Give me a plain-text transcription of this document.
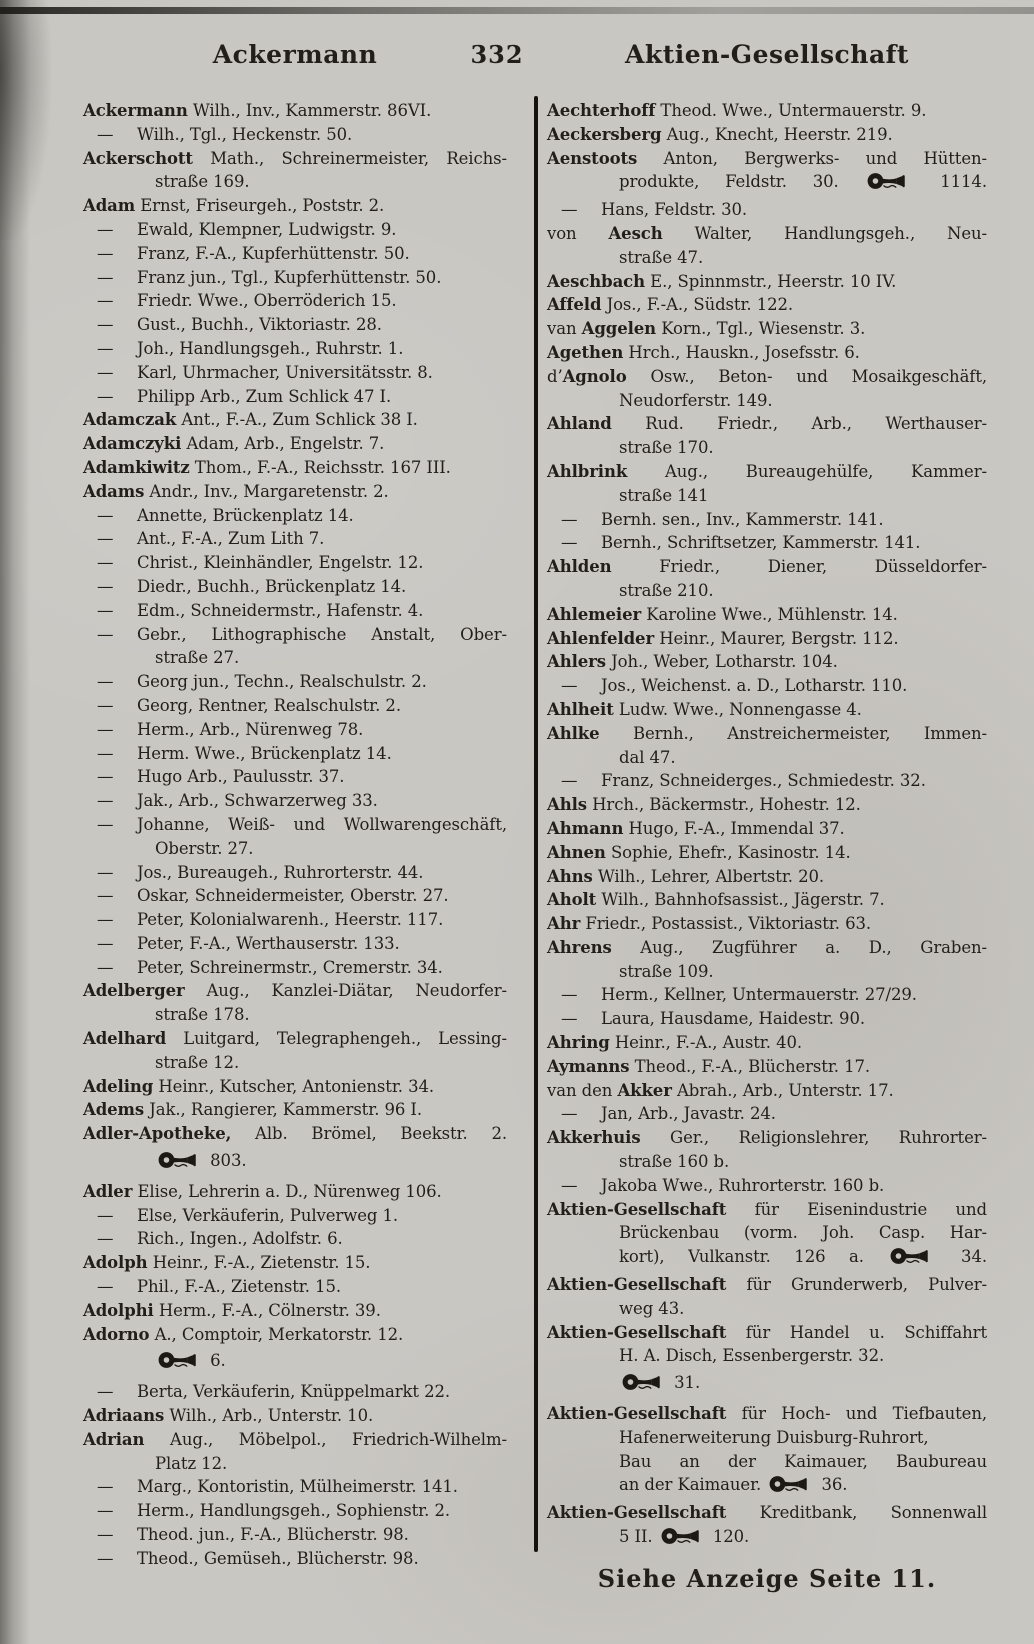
Ackermann	332	Aktien-Gesellschaft
Ackermann Wilh., Inv., Kammerstr. 86VI.
— Wilh., Tgl., Heckenstr. 50.
Ackerschott Math., Schreinermeister, Reichs-
straße 169.
Adam Ernst, Friseurgeh., Poststr. 2.
— Ewald, Klempner, Ludwigstr. 9.
— Franz, F.-A., Kupferhüttenstr. 50.
— Franz jun., Tgl., Kupferhüttenstr. 50.
— Friedr. Wwe., Oberröderich 15.
— Gust., Buchh., Viktoriastr. 28.
— Joh., Handlungsgeh., Ruhrstr. 1.
— Karl, Uhrmacher, Universitätsstr. 8.
— Philipp Arb., Zum Schlick 47 I.
Adamczak Ant., F.-A., Zum Schlick 38 I.
Adamczyki Adam, Arb., Engelstr. 7.
Adamkiwitz Thom., F.-A., Reichsstr. 167 III.
Adams Andr., Inv., Margaretenstr. 2.
— Annette, Brückenplatz 14.
— Ant., F.-A., Zum Lith 7.
— Christ., Kleinhändler, Engelstr. 12.
— Diedr., Buchh., Brückenplatz 14.
— Edm., Schneidermstr., Hafenstr. 4.
— Gebr., Lithographische Anstalt, Ober-
straße 27.
— Georg jun., Techn., Realschulstr. 2.
— Georg, Rentner, Realschulstr. 2.
— Herm., Arb., Nürenweg 78.
— Herm. Wwe., Brückenplatz 14.
— Hugo Arb., Paulusstr. 37.
— Jak., Arb., Schwarzerweg 33.
— Johanne, Weiß- und Wollwarengeschäft,
Oberstr. 27.
— Jos., Bureaugeh., Ruhrorterstr. 44.
— Oskar, Schneidermeister, Oberstr. 27.
— Peter, Kolonialwarenh., Heerstr. 117.
— Peter, F.-A., Werthauserstr. 133.
— Peter, Schreinermstr., Cremerstr. 34.
Adelberger Aug., Kanzlei-Diätar, Neudorfer-
straße 178.
Adelhard Luitgard, Telegraphengeh., Lessing-
straße 12.
Adeling Heinr., Kutscher, Antonienstr. 34.
Adems Jak., Rangierer, Kammerstr. 96 I.
Adler-Apotheke, Alb. Brömel, Beekstr. 2.
803.
Adler Elise, Lehrerin a. D., Nürenweg 106.
— Else, Verkäuferin, Pulverweg 1.
— Rich., Ingen., Adolfstr. 6.
Adolph Heinr., F.-A., Zietenstr. 15.
— Phil., F.-A., Zietenstr. 15.
Adolphi Herm., F.-A., Cölnerstr. 39.
Adorno A., Comptoir, Merkatorstr. 12.
6.
— Berta, Verkäuferin, Knüppelmarkt 22.
Adriaans Wilh., Arb., Unterstr. 10.
Adrian Aug., Möbelpol., Friedrich-Wilhelm-
Platz 12.
— Marg., Kontoristin, Mülheimerstr. 141.
— Herm., Handlungsgeh., Sophienstr. 2.
— Theod. jun., F.-A., Blücherstr. 98.
— Theod., Gemüseh., Blücherstr. 98.
Aechterhoff Theod. Wwe., Untermauerstr. 9.
Aeckersberg Aug., Knecht, Heerstr. 219.
Aenstoots Anton, Bergwerks- und Hütten-
produkte, Feldstr. 30.	1114.
— Hans, Feldstr. 30.
von Aesch Walter, Handlungsgeh., Neu-
straße 47.
Aeschbach E., Spinnmstr., Heerstr. 10 IV.
Affeld Jos., F.-A., Südstr. 122.
van Aggelen Korn., Tgl., Wiesenstr. 3.
Agethen Hrch., Hauskn., Josefsstr. 6.
d’Agnolo Osw., Beton- und Mosaikgeschäft,
Neudorferstr. 149.
Ahland Rud. Friedr., Arb., Werthauser-
straße 170.
Ahlbrink Aug., Bureaugehülfe, Kammer-
straße 141
— Bernh. sen., Inv., Kammerstr. 141.
— Bernh., Schriftsetzer, Kammerstr. 141.
Ahlden Friedr., Diener, Düsseldorfer-
straße 210.
Ahlemeier Karoline Wwe., Mühlenstr. 14.
Ahlenfelder Heinr., Maurer, Bergstr. 112.
Ahlers Joh., Weber, Lotharstr. 104.
— Jos., Weichenst. a. D., Lotharstr. 110.
Ahlheit Ludw. Wwe., Nonnengasse 4.
Ahlke Bernh., Anstreichermeister, Immen-
dal 47.
— Franz, Schneiderges., Schmiedestr. 32.
Ahls Hrch., Bäckermstr., Hohestr. 12.
Ahmann Hugo, F.-A., Immendal 37.
Ahnen Sophie, Ehefr., Kasinostr. 14.
Ahns Wilh., Lehrer, Albertstr. 20.
Aholt Wilh., Bahnhofsassist., Jägerstr. 7.
Ahr Friedr., Postassist., Viktoriastr. 63.
Ahrens Aug., Zugführer a. D., Graben-
straße 109.
— Herm., Kellner, Untermauerstr. 27/29.
— Laura, Hausdame, Haidestr. 90.
Ahring Heinr., F.-A., Austr. 40.
Aymanns Theod., F.-A., Blücherstr. 17.
van den Akker Abrah., Arb., Unterstr. 17.
— Jan, Arb., Javastr. 24.
Akkerhuis Ger., Religionslehrer, Ruhrorter-
straße 160 b.
— Jakoba Wwe., Ruhrorterstr. 160 b.
Aktien-Gesellschaft für Eisenindustrie und
Brückenbau (vorm. Joh. Casp. Har-
kort), Vulkanstr. 126 a.	34.
Aktien-Gesellschaft für Grunderwerb, Pulver-
weg 43.
Aktien-Gesellschaft für Handel u. Schiffahrt
H. A. Disch, Essenbergerstr. 32.
31.
Aktien-Gesellschaft für Hoch- und Tiefbauten,
Hafenerweiterung Duisburg-Ruhrort,
Bau an der Kaimauer, Baubureau
an der Kaimauer.	36.
Aktien-Gesellschaft Kreditbank, Sonnenwall
5 II.	120.
Siehe Anzeige Seite 11.
